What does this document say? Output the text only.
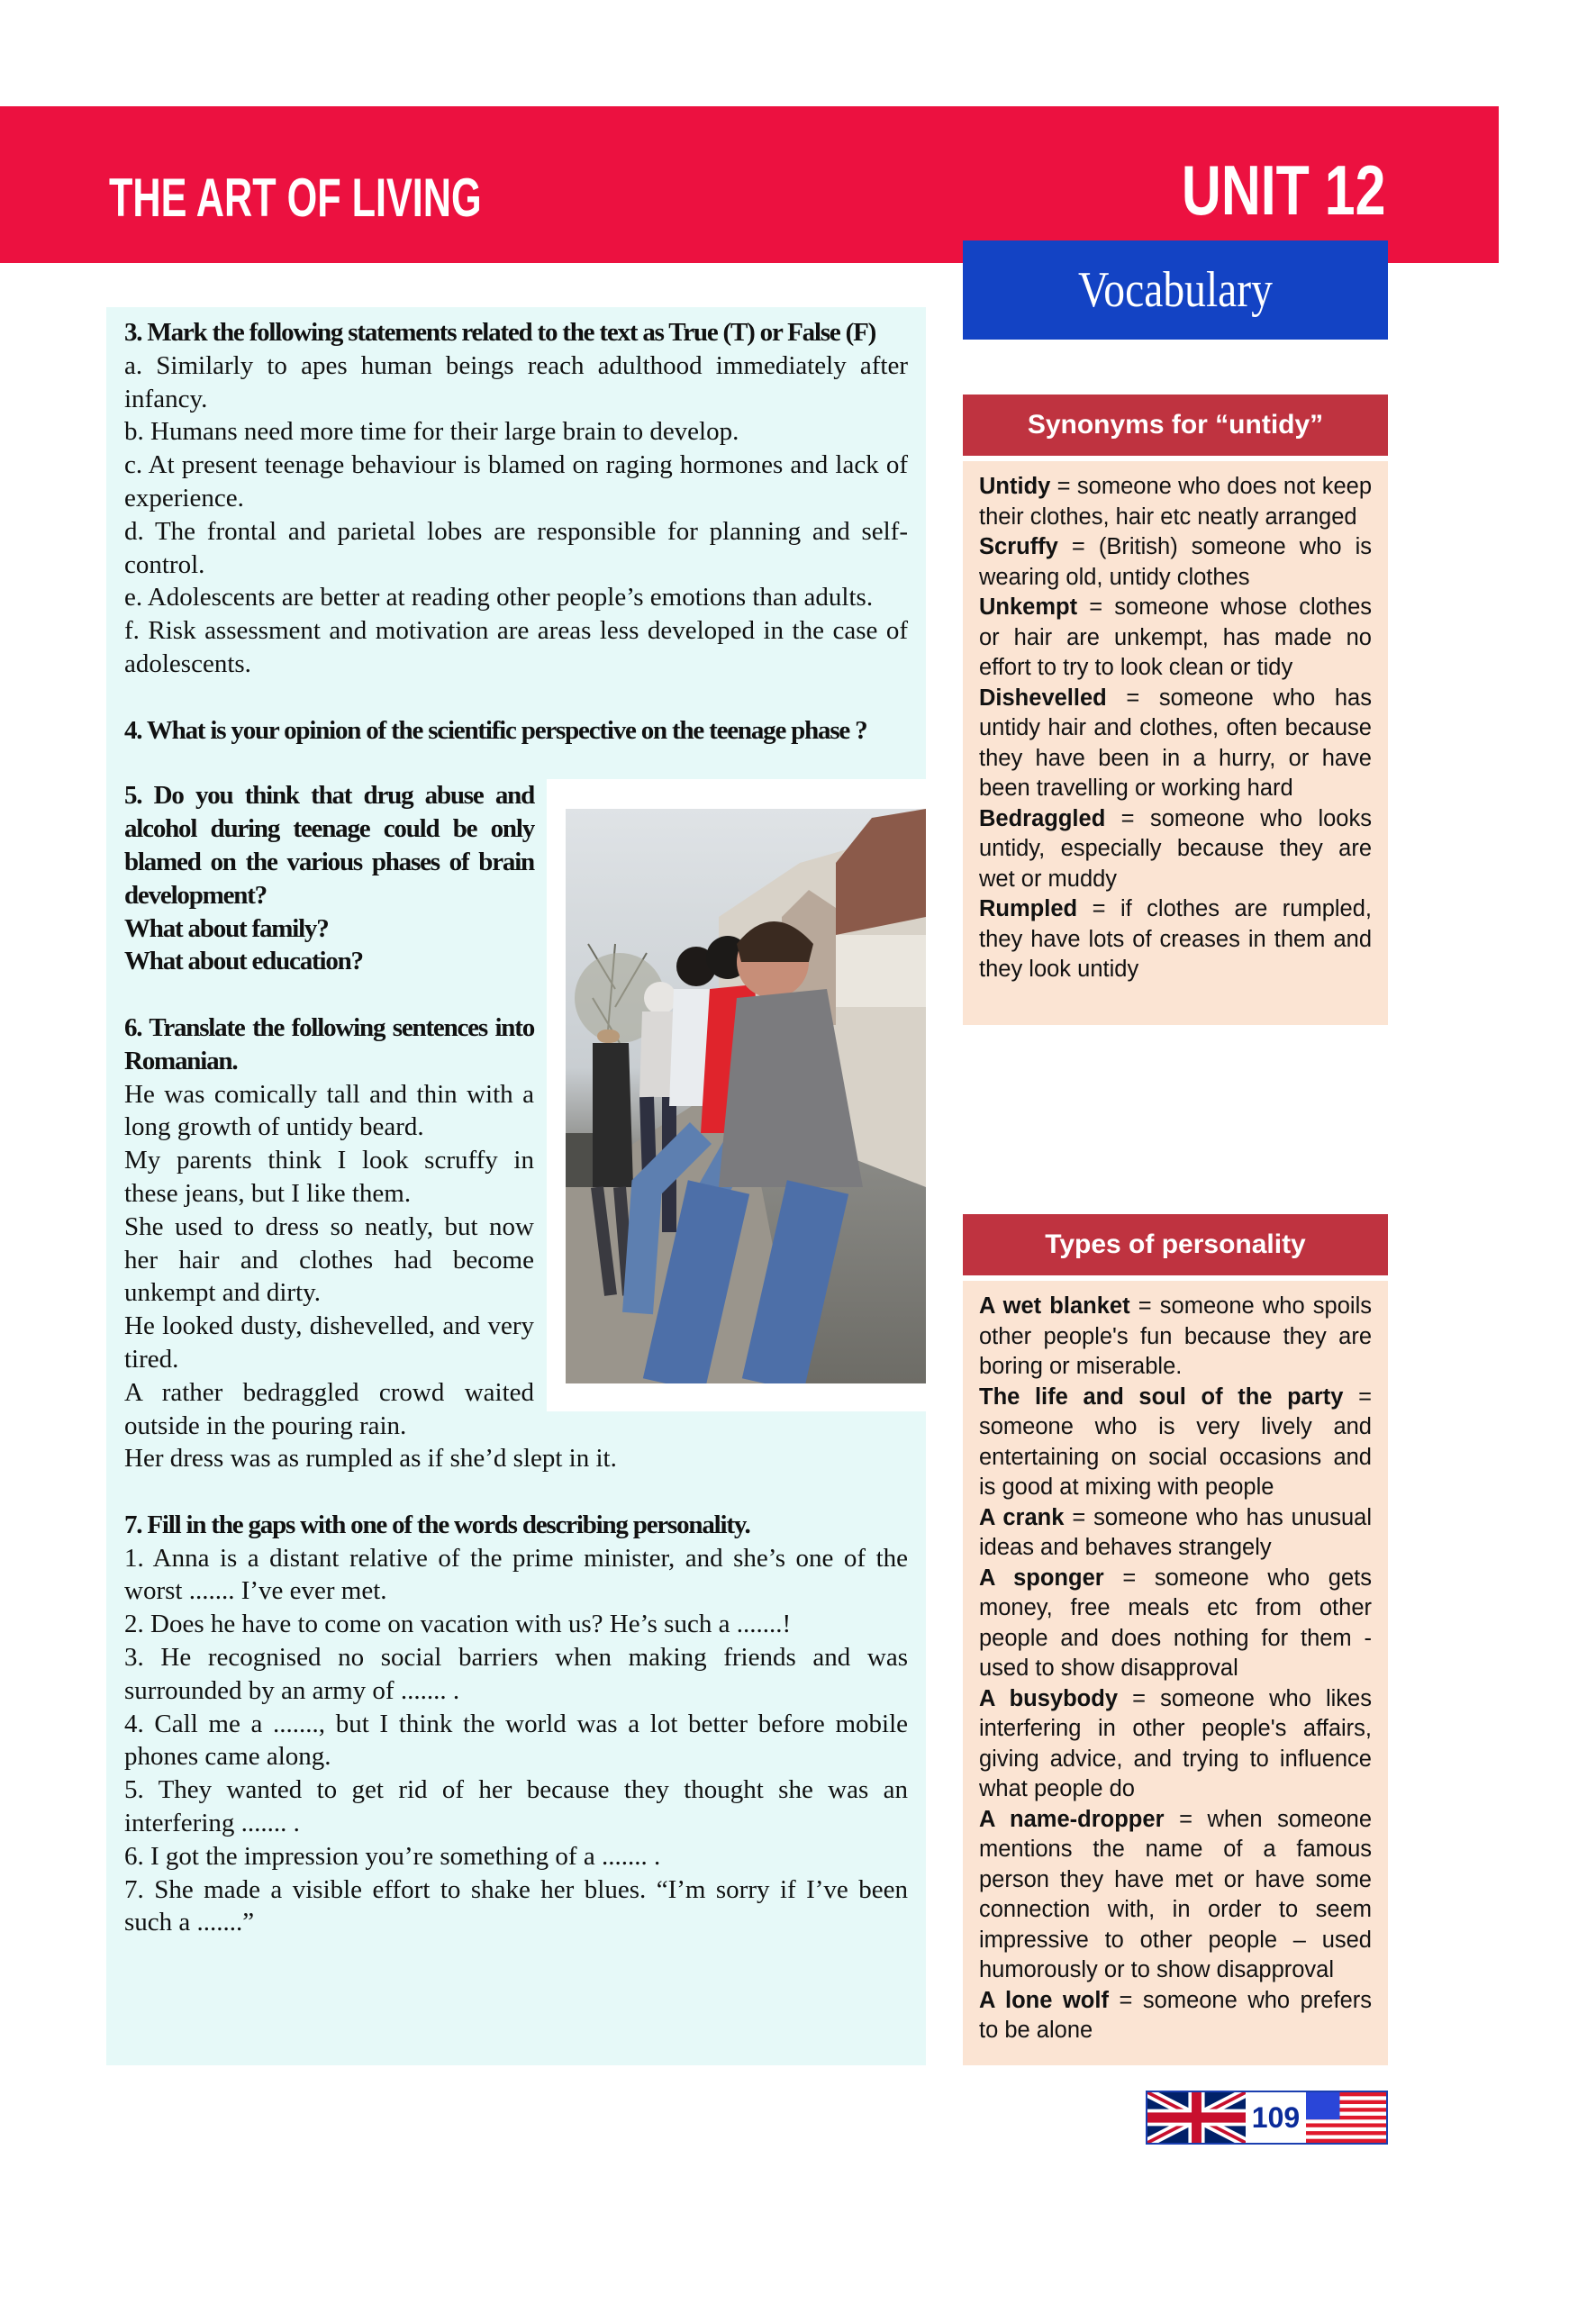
THE ART OF LIVING	UNIT 12
Vocabulary

3. Mark the following statements related to the text as True (T) or False (F)

a. Similarly to apes human beings reach adulthood immediately after infancy.

b. Humans need more time for their large brain to develop.

c. At present teenage behaviour is blamed on raging hormones and lack of experience.

d. The frontal and parietal lobes are responsible for planning and self-control.

e. Adolescents are better at reading other people’s emotions than adults.

f. Risk assessment and motivation are areas less developed in the case of adolescents.

4. What is your opinion of the scientific perspective on the teenage phase ?

5. Do you think that drug abuse and alcohol during teenage could be only blamed on the various phases of brain development?

What about family?

What about education?

6. Translate the following sentences into Romanian.

He was comically tall and thin with a long growth of untidy beard.

My parents think I look scruffy in these jeans, but I like them.

She used to dress so neatly, but now her hair and clothes had become unkempt and dirty.

He looked dusty, dishevelled, and very tired.

A rather bedraggled crowd waited outside in the pouring rain.

Her dress was as rumpled as if she’d slept in it.

7. Fill in the gaps with one of the words describing personality.

1. Anna is a distant relative of the prime minister, and she’s one of the worst ....... I’ve ever met.

2. Does he have to come on vacation with us? He’s such a .......!

3. He recognised no social barriers when making friends and was surrounded by an army of ....... .

4. Call me a ......., but I think the world was a lot better before mobile phones came along.

5. They wanted to get rid of her because they thought she was an interfering ....... .

6. I got the impression you’re something of a ....... .

7. She made a visible effort to shake her blues. “I’m sorry if I’ve been such a .......”

Synonyms for “untidy”

Untidy = someone who does not keep their clothes, hair etc neatly arranged

Scruffy = (British) someone who is wearing old, untidy clothes

Unkempt = someone whose clothes or hair are unkempt, has made no effort to try to look clean or tidy

Dishevelled = someone who has untidy hair and clothes, often because they have been in a hurry, or have been travelling or working hard

Bedraggled = someone who looks untidy, especially because they are wet or muddy

Rumpled = if clothes are rumpled, they have lots of creases in them and they look untidy

Types of personality

A wet blanket = someone who spoils other people's fun because they are boring or miserable.

The life and soul of the party = someone who is very lively and entertaining on social occasions and is good at mixing with people

A crank = someone who has unusual ideas and behaves strangely

A sponger = someone who gets money, free meals etc from other people and does nothing for them - used to show disapproval

A busybody = someone who likes interfering in other people's affairs, giving advice, and trying to influence what people do

A name-dropper = when someone mentions the name of a famous person they have met or have some connection with, in order to seem impressive to other people – used humorously or to show disapproval

A lone wolf = someone who prefers to be alone

109
